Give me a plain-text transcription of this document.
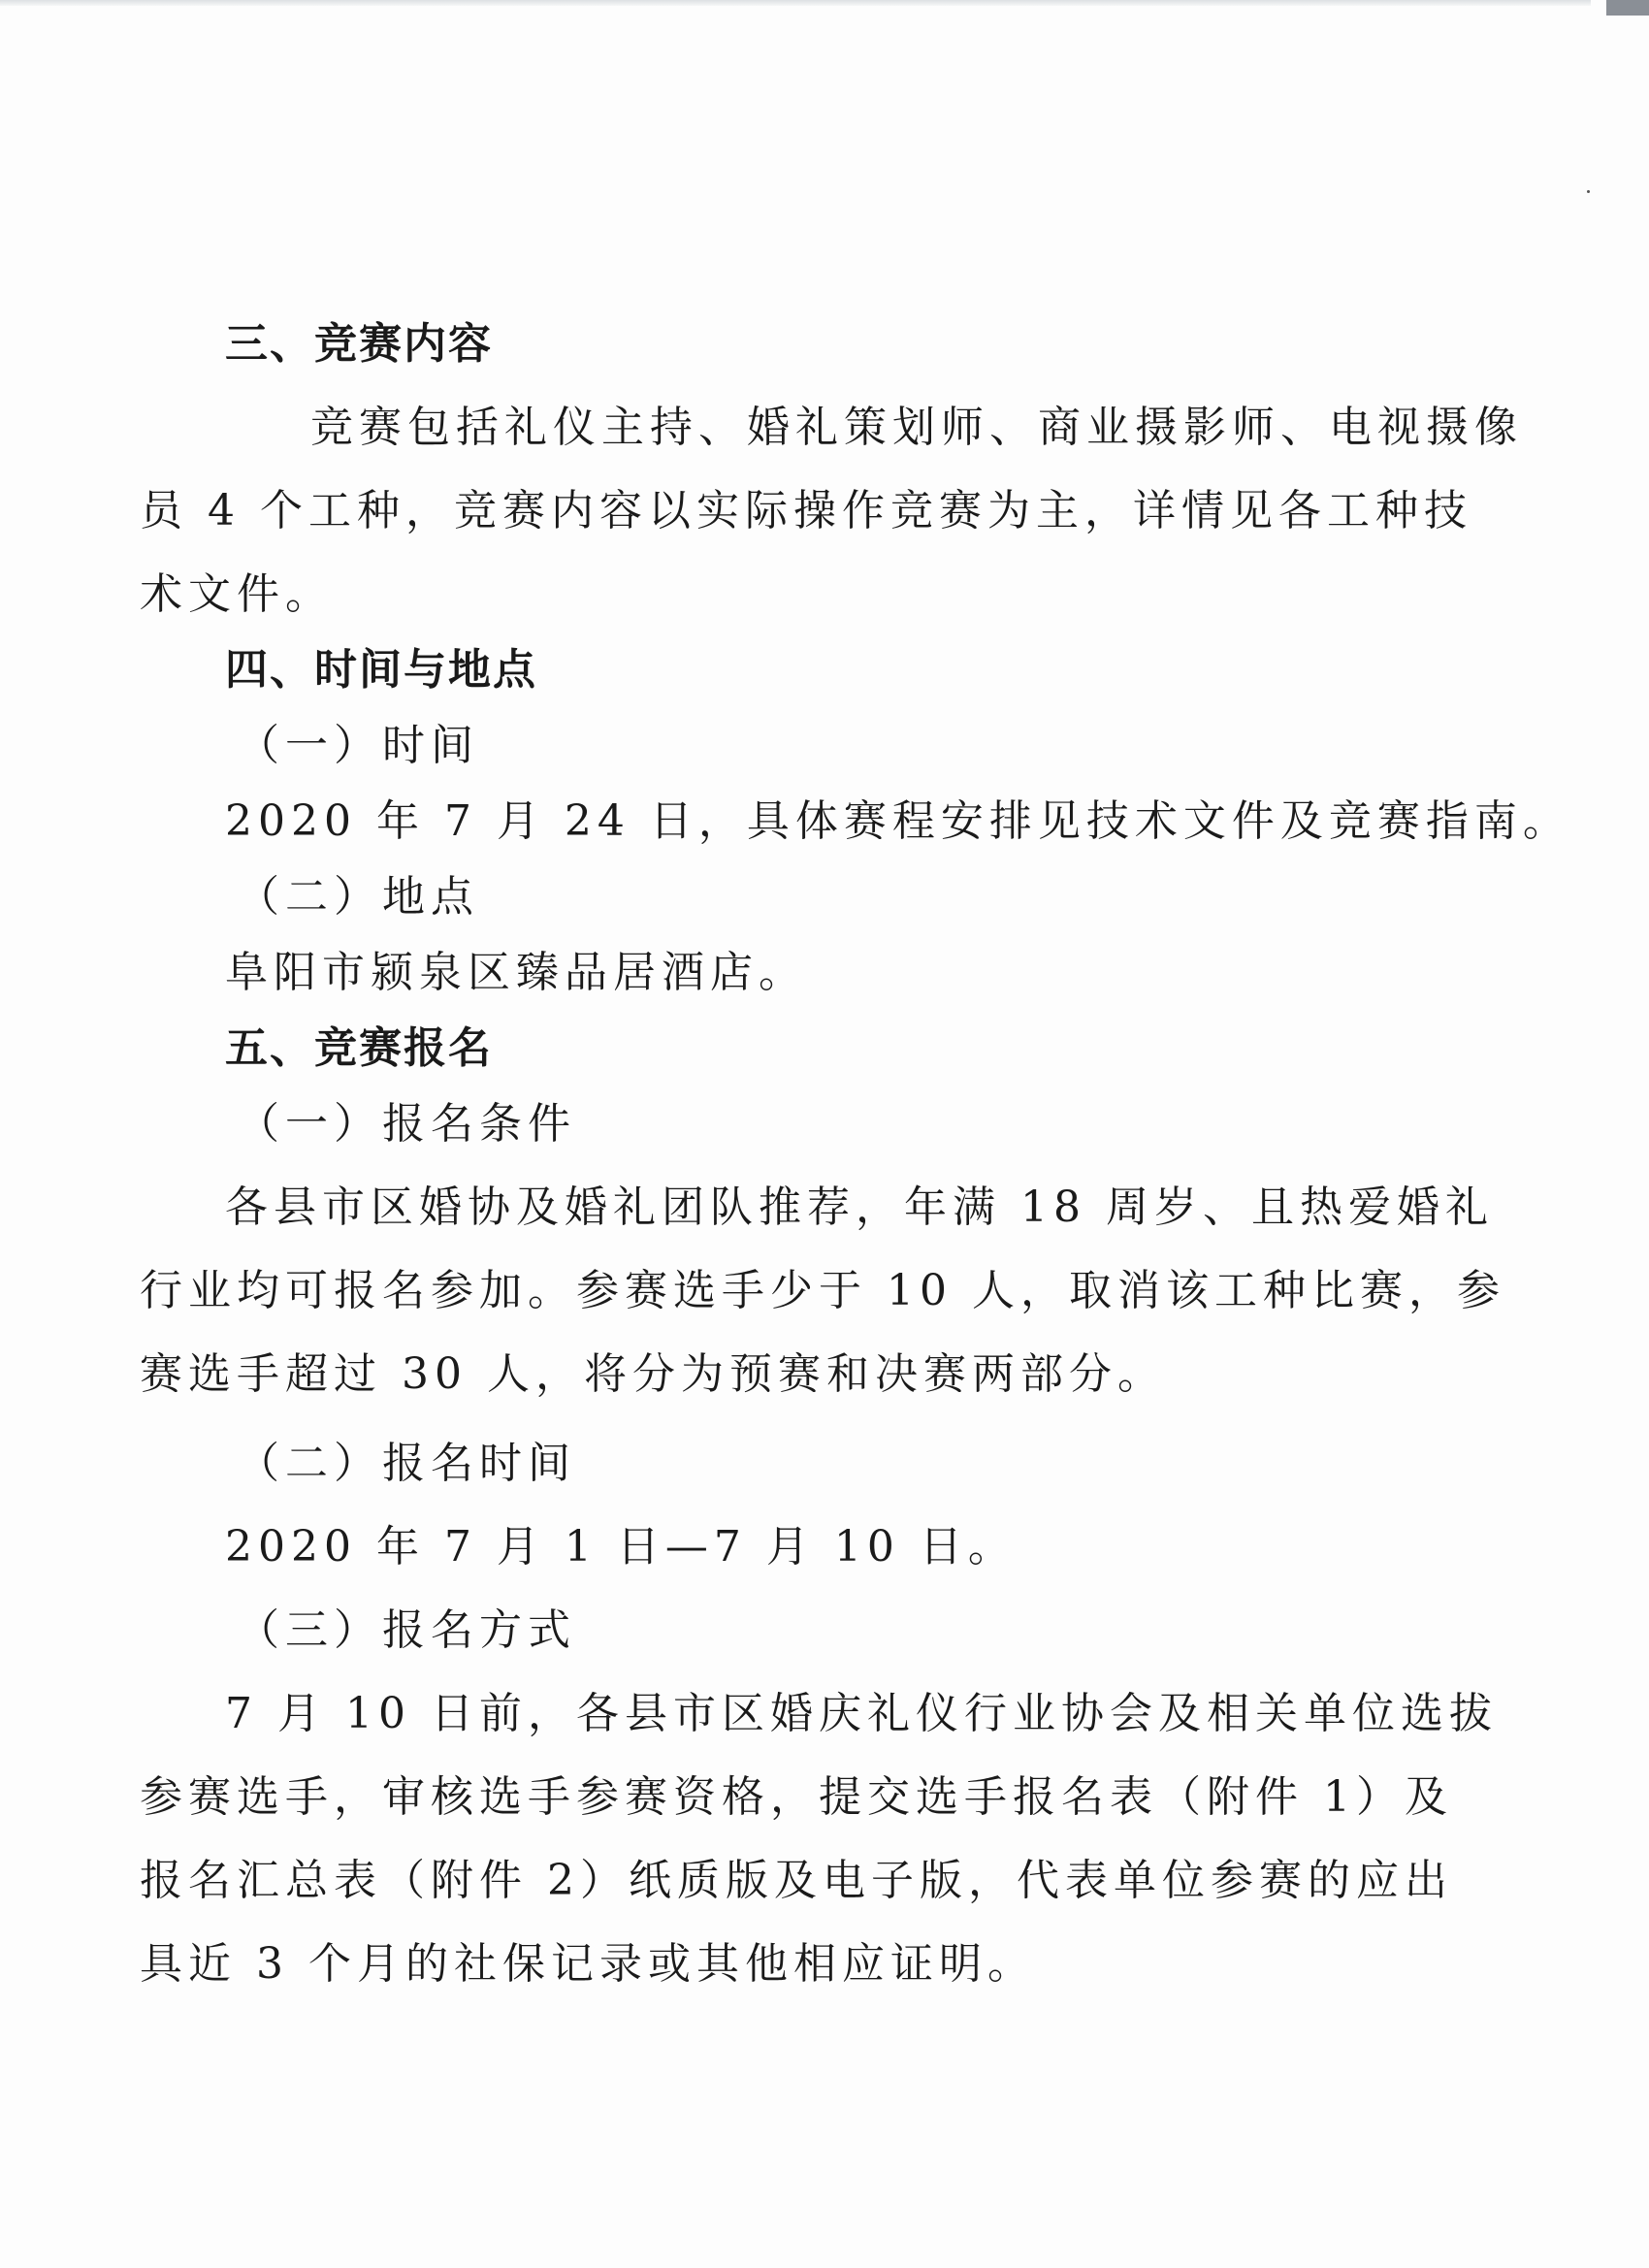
三、竞赛内容
竞赛包括礼仪主持、婚礼策划师、商业摄影师、电视摄像
员 4 个工种，竞赛内容以实际操作竞赛为主，详情见各工种技
术文件。
四、时间与地点
（一）时间
2020 年 7 月 24 日，具体赛程安排见技术文件及竞赛指南。
（二）地点
阜阳市颍泉区臻品居酒店。
五、竞赛报名
（一）报名条件
各县市区婚协及婚礼团队推荐，年满 18 周岁、且热爱婚礼
行业均可报名参加。参赛选手少于 10 人，取消该工种比赛，参
赛选手超过 30 人，将分为预赛和决赛两部分。
（二）报名时间
2020 年 7 月 1 日—7 月 10 日。
（三）报名方式
7 月 10 日前，各县市区婚庆礼仪行业协会及相关单位选拔
参赛选手，审核选手参赛资格，提交选手报名表（附件 1）及
报名汇总表（附件 2）纸质版及电子版，代表单位参赛的应出
具近 3 个月的社保记录或其他相应证明。
